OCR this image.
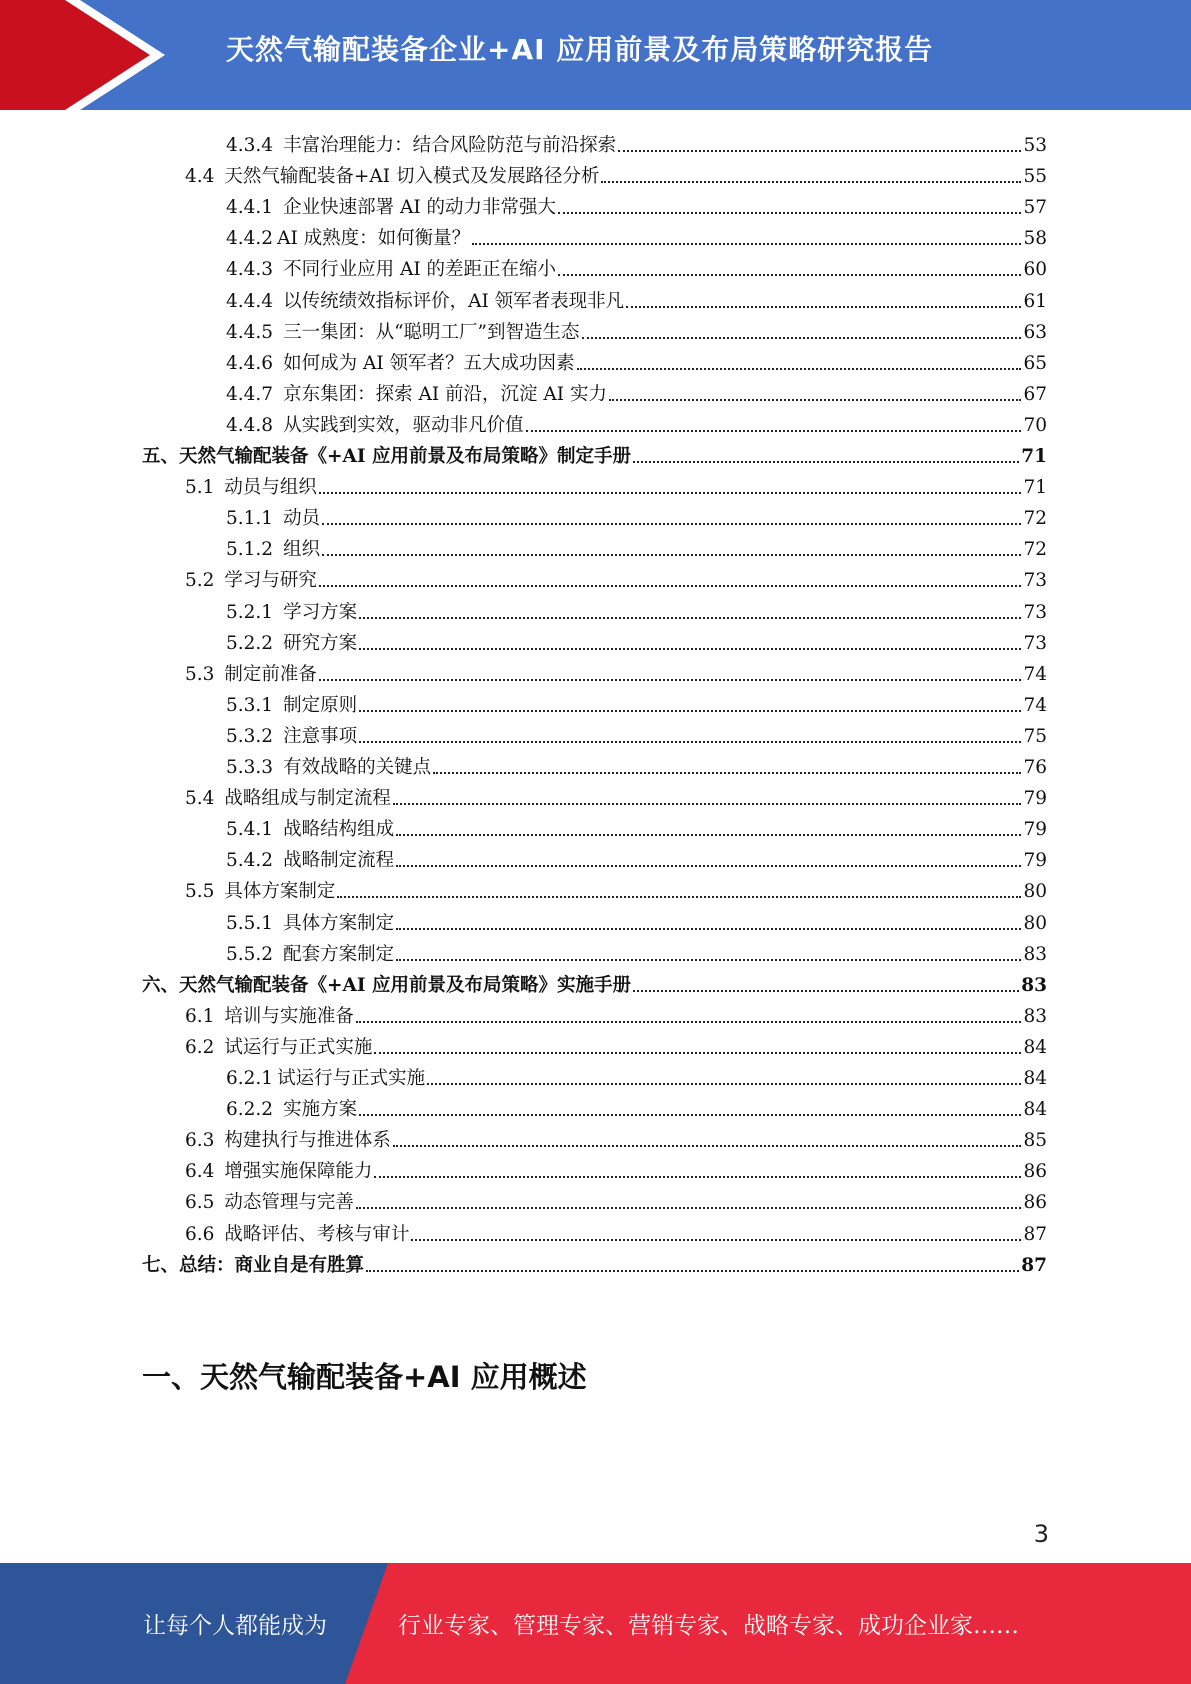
天然气输配装备企业+AI 应用前景及布局策略研究报告
4.3.4 丰富治理能力：结合风险防范与前沿探索	53
4.4 天然气输配装备+AI 切入模式及发展路径分析	55
4.4.1 企业快速部署 AI 的动力非常强大	57
4.4.2 AI 成熟度：如何衡量？	58
4.4.3 不同行业应用 AI 的差距正在缩小	60
4.4.4 以传统绩效指标评价，AI 领军者表现非凡	61
4.4.5 三一集团：从“聪明工厂”到智造生态	63
4.4.6 如何成为 AI 领军者？五大成功因素	65
4.4.7 京东集团：探索 AI 前沿，沉淀 AI 实力	67
4.4.8 从实践到实效，驱动非凡价值	70
五、天然气输配装备《+AI 应用前景及布局策略》制定手册	71
5.1 动员与组织	71
5.1.1 动员	72
5.1.2 组织	72
5.2 学习与研究	73
5.2.1 学习方案	73
5.2.2 研究方案	73
5.3 制定前准备	74
5.3.1 制定原则	74
5.3.2 注意事项	75
5.3.3 有效战略的关键点	76
5.4 战略组成与制定流程	79
5.4.1 战略结构组成	79
5.4.2 战略制定流程	79
5.5 具体方案制定	80
5.5.1 具体方案制定	80
5.5.2 配套方案制定	83
六、天然气输配装备《+AI 应用前景及布局策略》实施手册	83
6.1 培训与实施准备	83
6.2 试运行与正式实施	84
6.2.1 试运行与正式实施	84
6.2.2 实施方案	84
6.3 构建执行与推进体系	85
6.4 增强实施保障能力	86
6.5 动态管理与完善	86
6.6 战略评估、考核与审计	87
七、总结：商业自是有胜算	87
一、天然气输配装备+AI 应用概述
3
让每个人都能成为	行业专家、管理专家、营销专家、战略专家、成功企业家……
